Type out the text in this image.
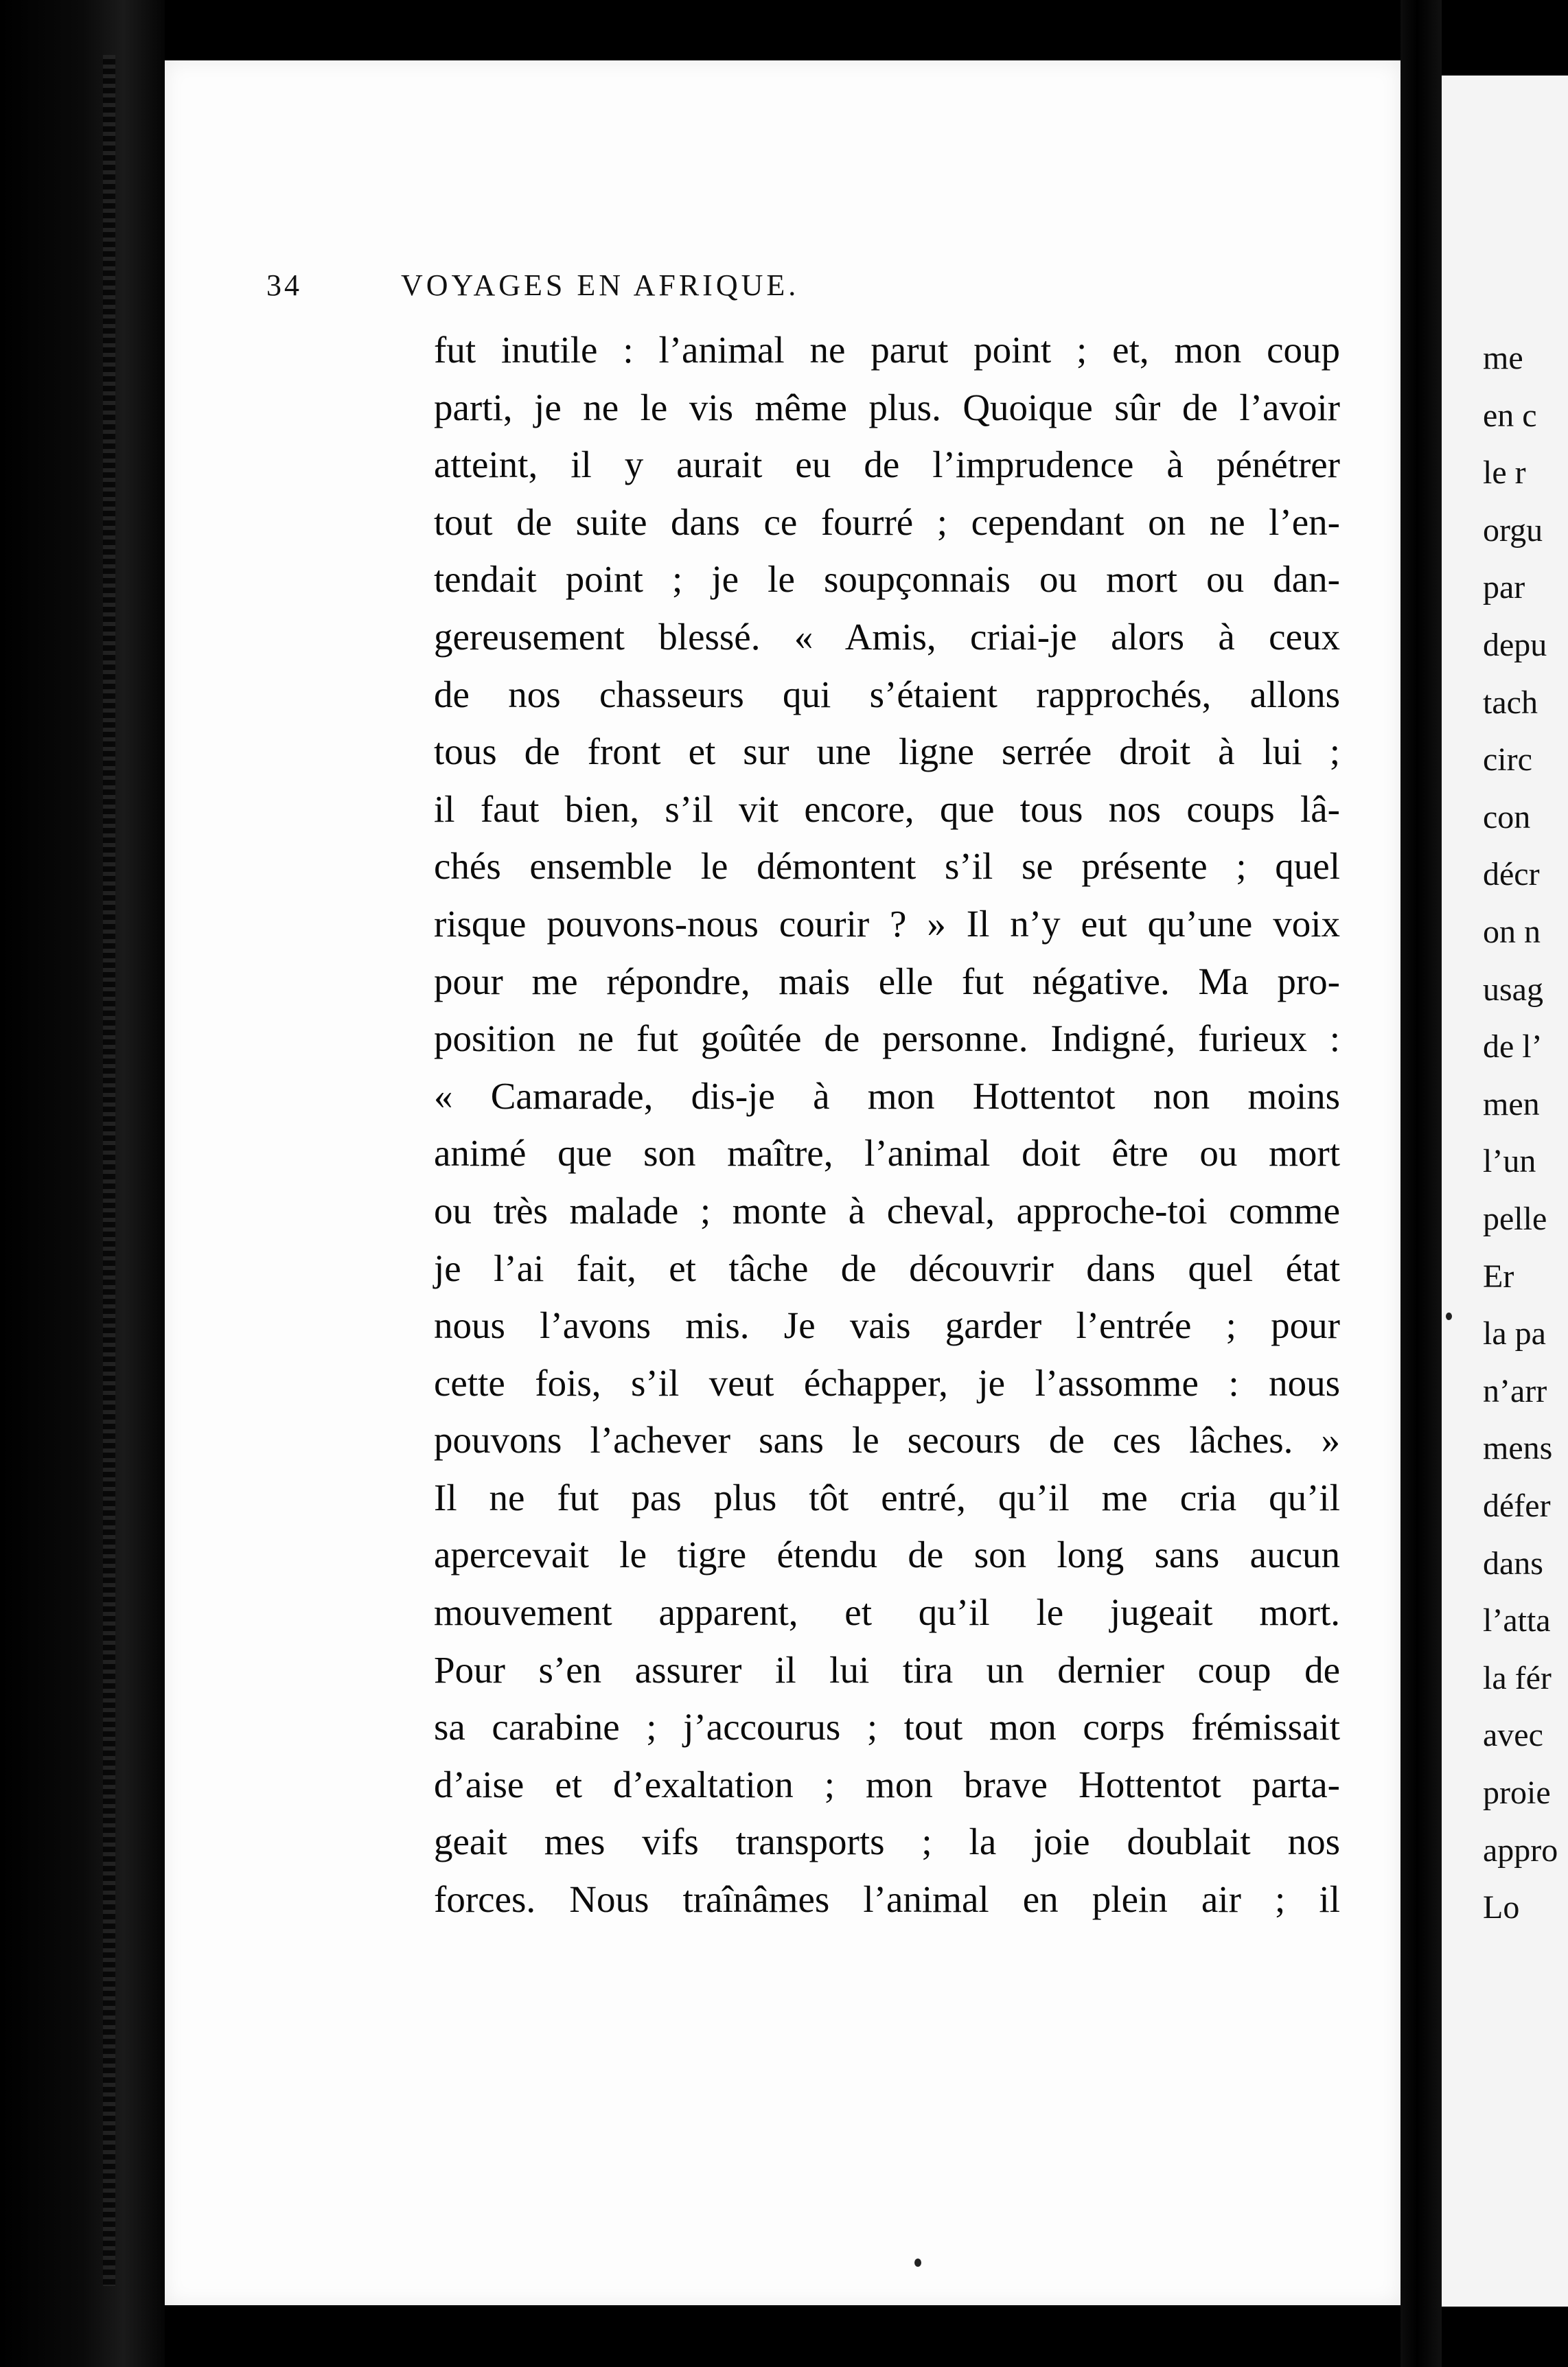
me
en c
le r
orgu
par
depu
tach
circ
con
décr
on n
usag
de l’
men
l’un
pelle
Er
la pa
n’arr
mens
défer
dans
l’atta
la fér
avec
proie
appro
Lo
34	VOYAGES EN AFRIQUE.
fut inutile : l’animal ne parut point ; et, mon coup
parti, je ne le vis même plus. Quoique sûr de l’avoir
atteint, il y aurait eu de l’imprudence à pénétrer
tout de suite dans ce fourré ; cependant on ne l’en-
tendait point ; je le soupçonnais ou mort ou dan-
gereusement blessé. « Amis, criai-je alors à ceux
de nos chasseurs qui s’étaient rapprochés, allons
tous de front et sur une ligne serrée droit à lui ;
il faut bien, s’il vit encore, que tous nos coups lâ-
chés ensemble le démontent s’il se présente ; quel
risque pouvons-nous courir ? » Il n’y eut qu’une voix
pour me répondre, mais elle fut négative. Ma pro-
position ne fut goûtée de personne. Indigné, furieux :
« Camarade, dis-je à mon Hottentot non moins
animé que son maître, l’animal doit être ou mort
ou très malade ; monte à cheval, approche-toi comme
je l’ai fait, et tâche de découvrir dans quel état
nous l’avons mis. Je vais garder l’entrée ; pour
cette fois, s’il veut échapper, je l’assomme : nous
pouvons l’achever sans le secours de ces lâches. »
Il ne fut pas plus tôt entré, qu’il me cria qu’il
apercevait le tigre étendu de son long sans aucun
mouvement apparent, et qu’il le jugeait mort.
Pour s’en assurer il lui tira un dernier coup de
sa carabine ; j’accourus ; tout mon corps frémissait
d’aise et d’exaltation ; mon brave Hottentot parta-
geait mes vifs transports ; la joie doublait nos
forces. Nous traînâmes l’animal en plein air ; il
